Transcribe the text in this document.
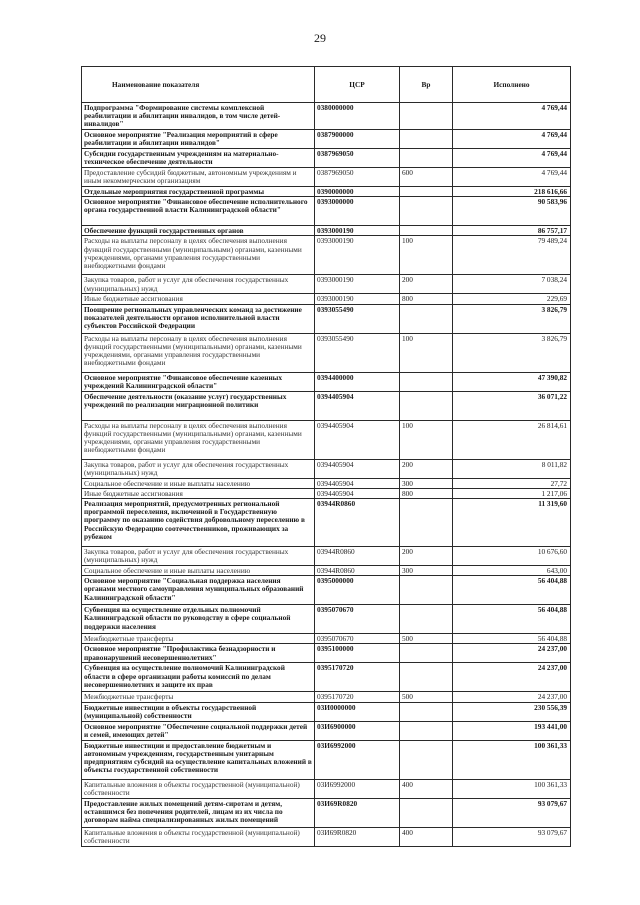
29
Наименование показателя	ЦСР	Вр	Исполнено
Подпрограмма "Формирование системы комплексной реабилитации и абилитации инвалидов, в том числе детей-инвалидов"	0380000000		4 769,44
Основное мероприятие "Реализация мероприятий в сфере реабилитации и абилитации инвалидов"	0387900000		4 769,44
Субсидии государственным учреждениям на материально-техническое обеспечение деятельности	0387969050		4 769,44
Предоставление субсидий бюджетным, автономным учреждениям и иным некоммерческим организациям	0387969050	600	4 769,44
Отдельные мероприятия государственной программы	0390000000		218 616,66
Основное мероприятие "Финансовое обеспечение исполнительного органа государственной власти Калининградской области"	0393000000		90 583,96
Обеспечение функций государственных органов	0393000190		86 757,17
Расходы на выплаты персоналу в целях обеспечения выполнения функций государственными (муниципальными) органами, казенными учреждениями, органами управления государственными внебюджетными фондами	0393000190	100	79 489,24
Закупка товаров, работ и услуг для обеспечения государственных (муниципальных) нужд	0393000190	200	7 038,24
Иные бюджетные ассигнования	0393000190	800	229,69
Поощрение региональных управленческих команд за достижение показателей деятельности органов исполнительной власти субъектов Российской Федерации	0393055490		3 826,79
Расходы на выплаты персоналу в целях обеспечения выполнения функций государственными (муниципальными) органами, казенными учреждениями, органами управления государственными внебюджетными фондами	0393055490	100	3 826,79
Основное мероприятие "Финансовое обеспечение казенных учреждений Калининградской области"	0394400000		47 390,82
Обеспечение деятельности (оказание услуг) государственных учреждений по реализации миграционной политики	0394405904		36 071,22
Расходы на выплаты персоналу в целях обеспечения выполнения функций государственными (муниципальными) органами, казенными учреждениями, органами управления государственными внебюджетными фондами	0394405904	100	26 814,61
Закупка товаров, работ и услуг для обеспечения государственных (муниципальных) нужд	0394405904	200	8 011,82
Социальное обеспечение и иные выплаты населению	0394405904	300	27,72
Иные бюджетные ассигнования	0394405904	800	1 217,06
Реализация мероприятий, предусмотренных региональной программой переселения, включенной в Государственную программу по оказанию содействия добровольному переселению в Российскую Федерацию соотечественников, проживающих за рубежом	03944R0860		11 319,60
Закупка товаров, работ и услуг для обеспечения государственных (муниципальных) нужд	03944R0860	200	10 676,60
Социальное обеспечение и иные выплаты населению	03944R0860	300	643,00
Основное мероприятие "Социальная поддержка населения органами местного самоуправления муниципальных образований Калининградской области"	0395000000		56 404,88
Субвенция на осуществление отдельных полномочий Калининградской области по руководству в сфере социальной поддержки населения	0395070670		56 404,88
Межбюджетные трансферты	0395070670	500	56 404,88
Основное мероприятие "Профилактика безнадзорности и правонарушений несовершеннолетних"	0395100000		24 237,00
Субвенция на осуществление полномочий Калининградской области в сфере организации работы комиссий по делам несовершеннолетних и защите их прав	0395170720		24 237,00
Межбюджетные трансферты	0395170720	500	24 237,00
Бюджетные инвестиции в объекты государственной (муниципальной) собственности	03И0000000		230 556,39
Основное мероприятие "Обеспечение социальной поддержки детей и семей, имеющих детей"	03И6900000		193 441,00
Бюджетные инвестиции и предоставление бюджетным и автономным учреждениям, государственным унитарным предприятиям субсидий на осуществление капитальных вложений в объекты государственной собственности	03И6992000		100 361,33
Капитальные вложения в объекты государственной (муниципальной) собственности	03И6992000	400	100 361,33
Предоставление жилых помещений детям-сиротам и детям, оставшимся без попечения родителей, лицам из их числа по договорам найма специализированных жилых помещений	03И69R0820		93 079,67
Капитальные вложения в объекты государственной (муниципальной) собственности	03И69R0820	400	93 079,67
